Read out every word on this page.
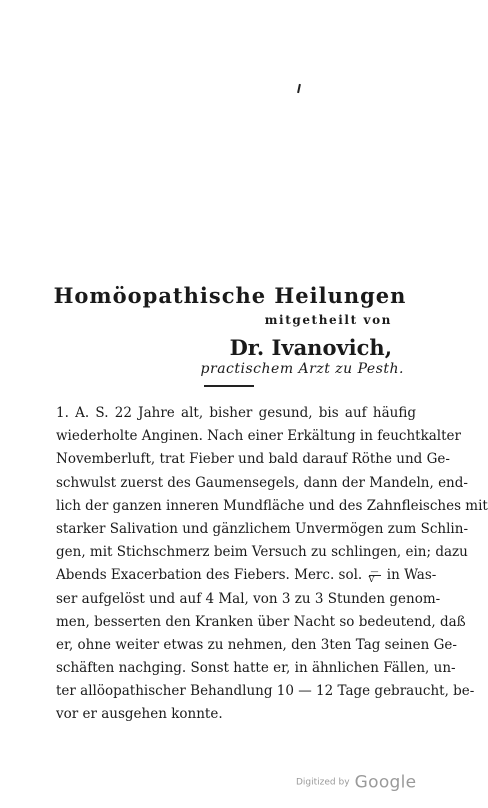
Homöopathische Heilungen
mitgetheilt von
Dr. Ivanovich,
practischem Arzt zu Pesth.
1. A. S. 22 Jahre alt, bisher gesund, bis auf häufig
wiederholte Anginen. Nach einer Erkältung in feuchtkalter
Novemberluft, trat Fieber und bald darauf Röthe und Ge-
schwulst zuerst des Gaumensegels, dann der Mandeln, end-
lich der ganzen inneren Mundfläche und des Zahnfleisches mit
starker Salivation und gänzlichem Unvermögen zum Schlin-
gen, mit Stichschmerz beim Versuch zu schlingen, ein; dazu
Abends Exacerbation des Fiebers. Merc. sol. $\frac{—}{V}$ in Was-
ser aufgelöst und auf 4 Mal, von 3 zu 3 Stunden genom-
men, besserten den Kranken über Nacht so bedeutend, daß
er, ohne weiter etwas zu nehmen, den 3ten Tag seinen Ge-
schäften nachging. Sonst hatte er, in ähnlichen Fällen, un-
ter allöopathischer Behandlung 10 — 12 Tage gebraucht, be-
vor er ausgehen konnte.
Digitized by Google
